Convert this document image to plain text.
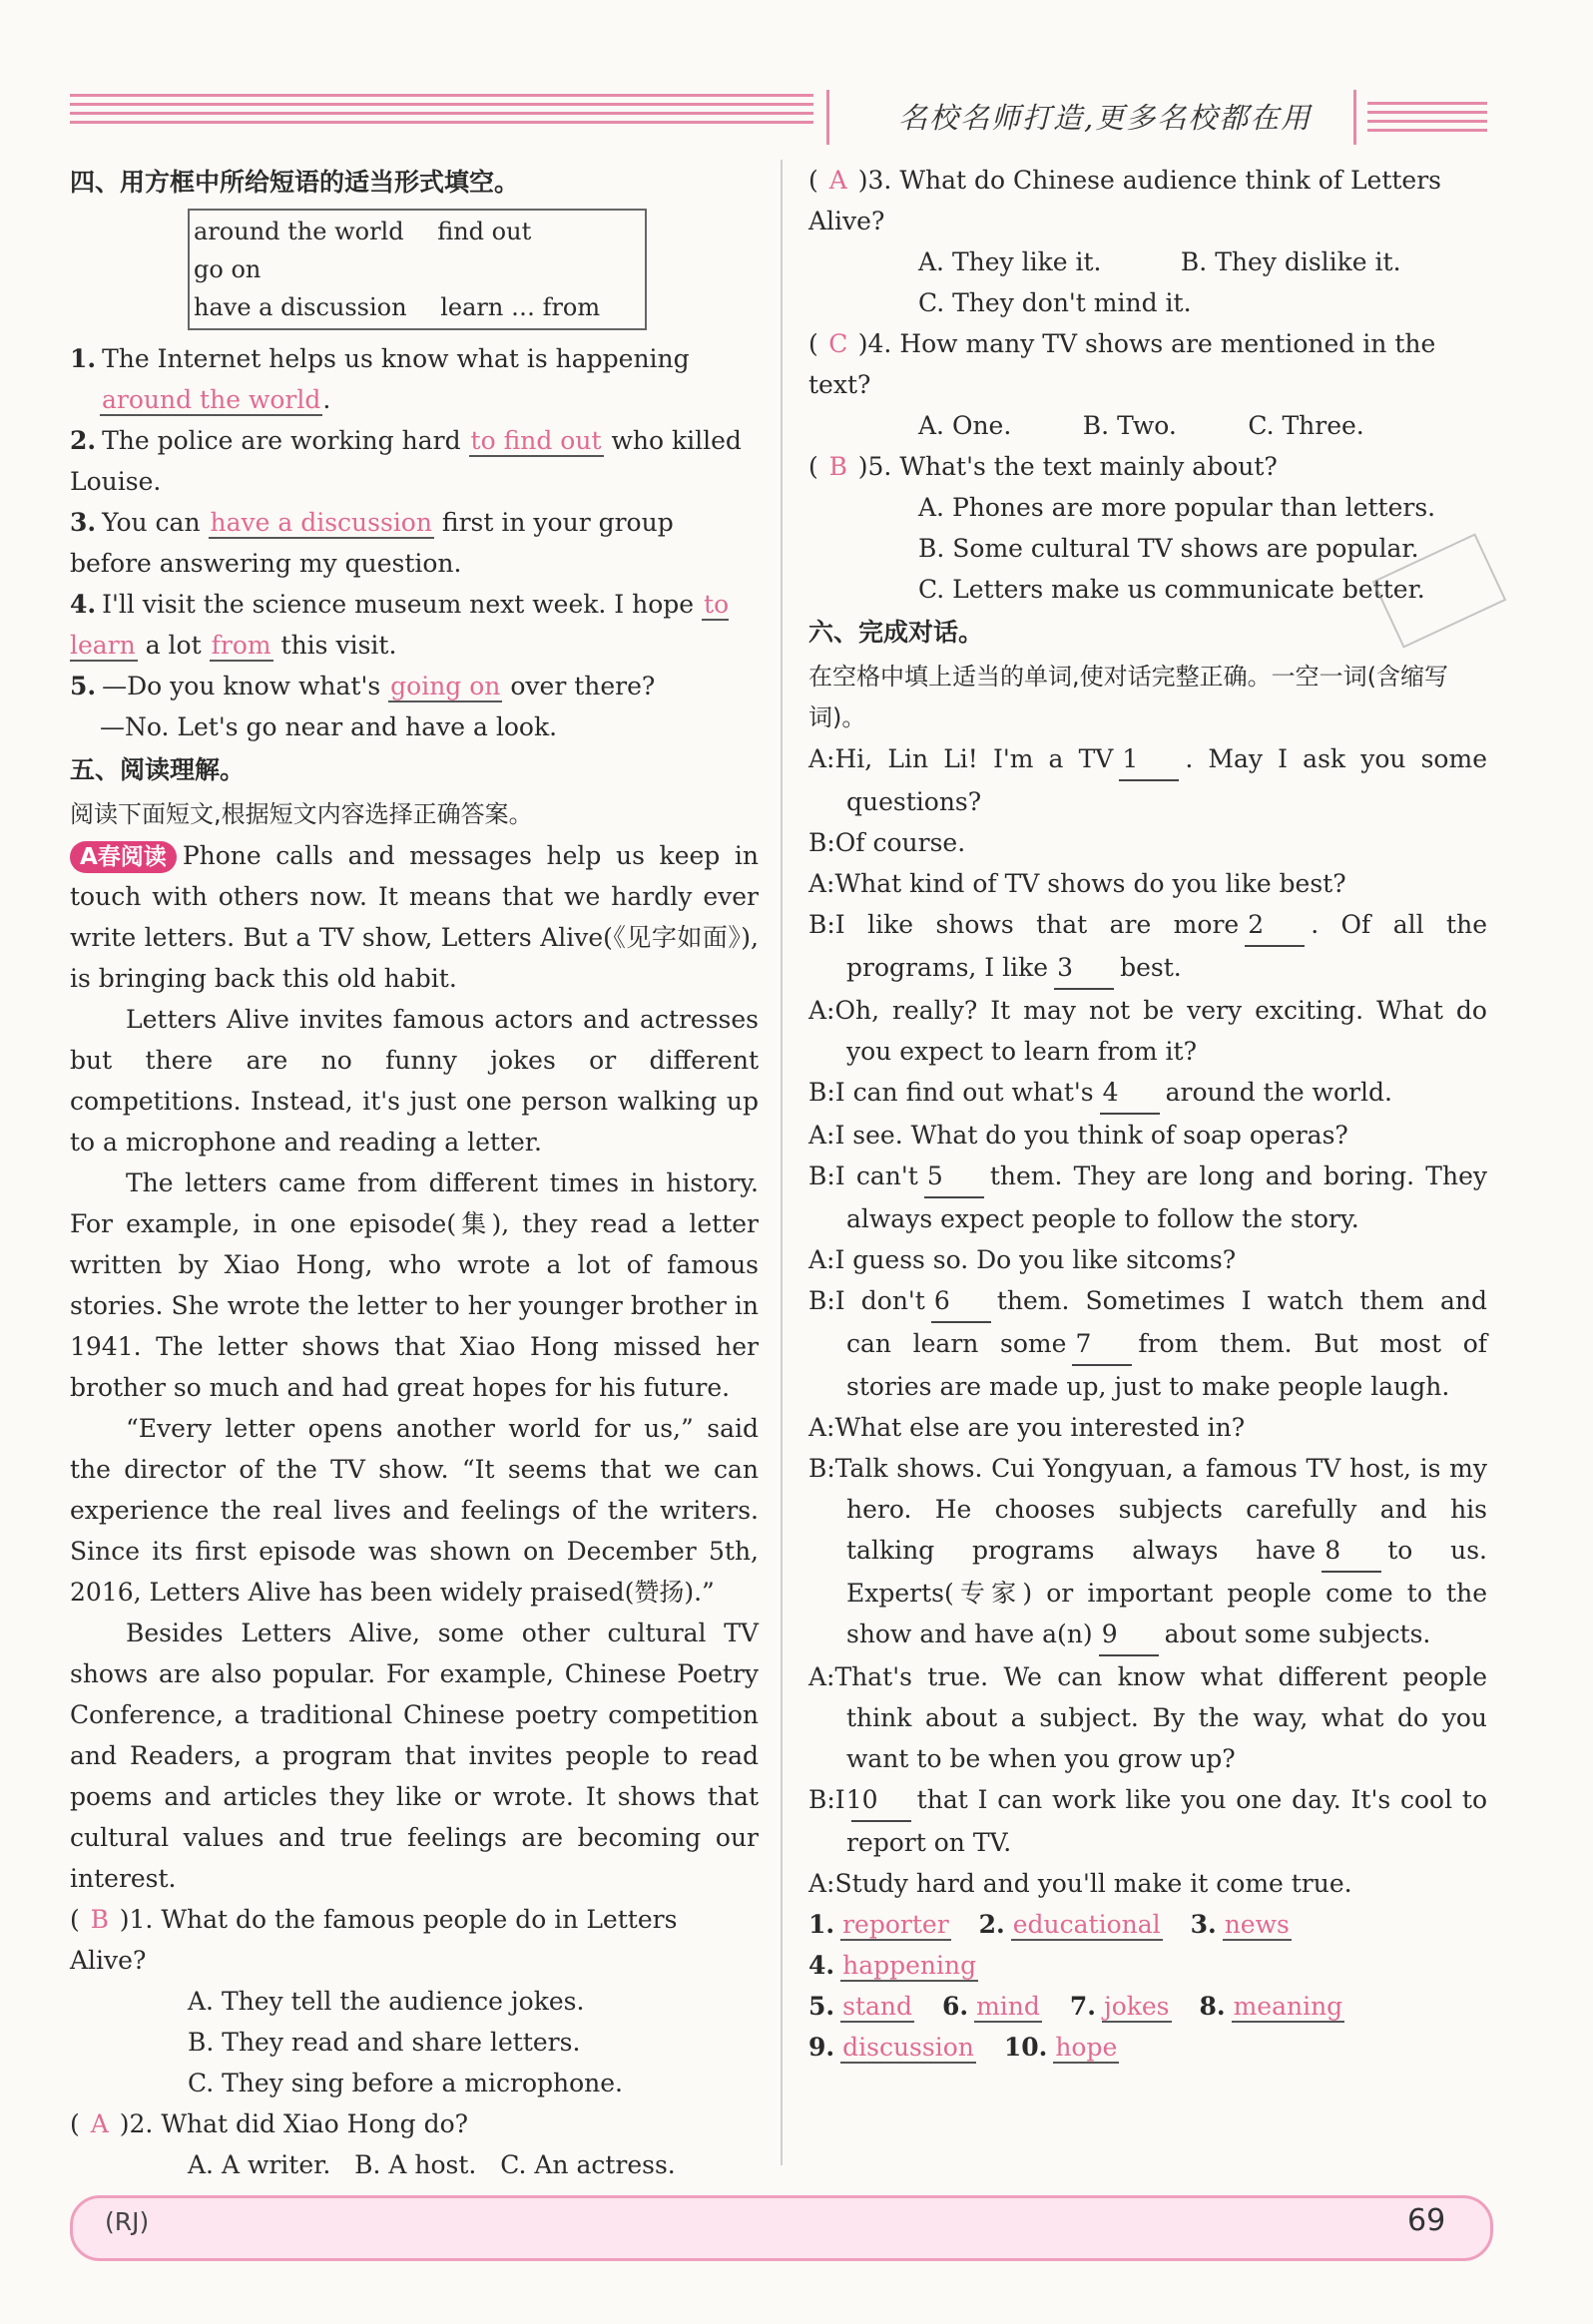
名校名师打造,更多名校都在用
四、用方框中所给短语的适当形式填空。
around the world find out go on
have a discussion learn … from
1. The Internet helps us know what is happening
around the world.
2. The police are working hard to find out who killed Louise.
3. You can have a discussion first in your group before answering my question.
4. I'll visit the science museum next week. I hope to learn a lot from this visit.
5. —Do you know what's going on over there?
—No. Let's go near and have a look.
五、阅读理解。
阅读下面短文,根据短文内容选择正确答案。

A春阅读 Phone calls and messages help us keep in touch with others now. It means that we hardly ever write letters. But a TV show, Letters Alive(《见字如面》), is bringing back this old habit.

Letters Alive invites famous actors and actresses but there are no funny jokes or different competitions. Instead, it's just one person walking up to a microphone and reading a letter.

The letters came from different times in history. For example, in one episode(集), they read a letter written by Xiao Hong, who wrote a lot of famous stories. She wrote the letter to her younger brother in 1941. The letter shows that Xiao Hong missed her brother so much and had great hopes for his future.

“Every letter opens another world for us,” said the director of the TV show. “It seems that we can experience the real lives and feelings of the writers. Since its first episode was shown on December 5th, 2016, Letters Alive has been widely praised(赞扬).”

Besides Letters Alive, some other cultural TV shows are also popular. For example, Chinese Poetry Conference, a traditional Chinese poetry competition and Readers, a program that invites people to read poems and articles they like or wrote. It shows that cultural values and true feelings are becoming our interest.

( B )1. What do the famous people do in Letters Alive?
A. They tell the audience jokes.
B. They read and share letters.
C. They sing before a microphone.
( A )2. What did Xiao Hong do?
A. A writer.   B. A host.   C. An actress.
( A )3. What do Chinese audience think of Letters Alive?
A. They like it.          B. They dislike it.
C. They don't mind it.
( C )4. How many TV shows are mentioned in the text?
A. One.         B. Two.         C. Three.
( B )5. What's the text mainly about?
A. Phones are more popular than letters.
B. Some cultural TV shows are popular.
C. Letters make us communicate better.
六、完成对话。
在空格中填上适当的单词,使对话完整正确。一空一词(含缩写词)。
A:Hi, Lin Li! I'm a TV 1 . May I ask you some questions?
B:Of course.
A:What kind of TV shows do you like best?
B:I like shows that are more 2 . Of all the programs, I like 3 best.
A:Oh, really? It may not be very exciting. What do you expect to learn from it?
B:I can find out what's 4 around the world.
A:I see. What do you think of soap operas?
B:I can't 5 them. They are long and boring. They always expect people to follow the story.
A:I guess so. Do you like sitcoms?
B:I don't 6 them. Sometimes I watch them and can learn some 7 from them. But most of stories are made up, just to make people laugh.
A:What else are you interested in?
B:Talk shows. Cui Yongyuan, a famous TV host, is my hero. He chooses subjects carefully and his talking programs always have 8 to us. Experts(专家) or important people come to the show and have a(n) 9 about some subjects.
A:That's true. We can know what different people think about a subject. By the way, what do you want to be when you grow up?
B:I10 that I can work like you one day. It's cool to report on TV.
A:Study hard and you'll make it come true.
1. reporter 2. educational 3. news 4. happening
5. stand 6. mind 7. jokes 8. meaning
9. discussion 10. hope
(RJ)	69
